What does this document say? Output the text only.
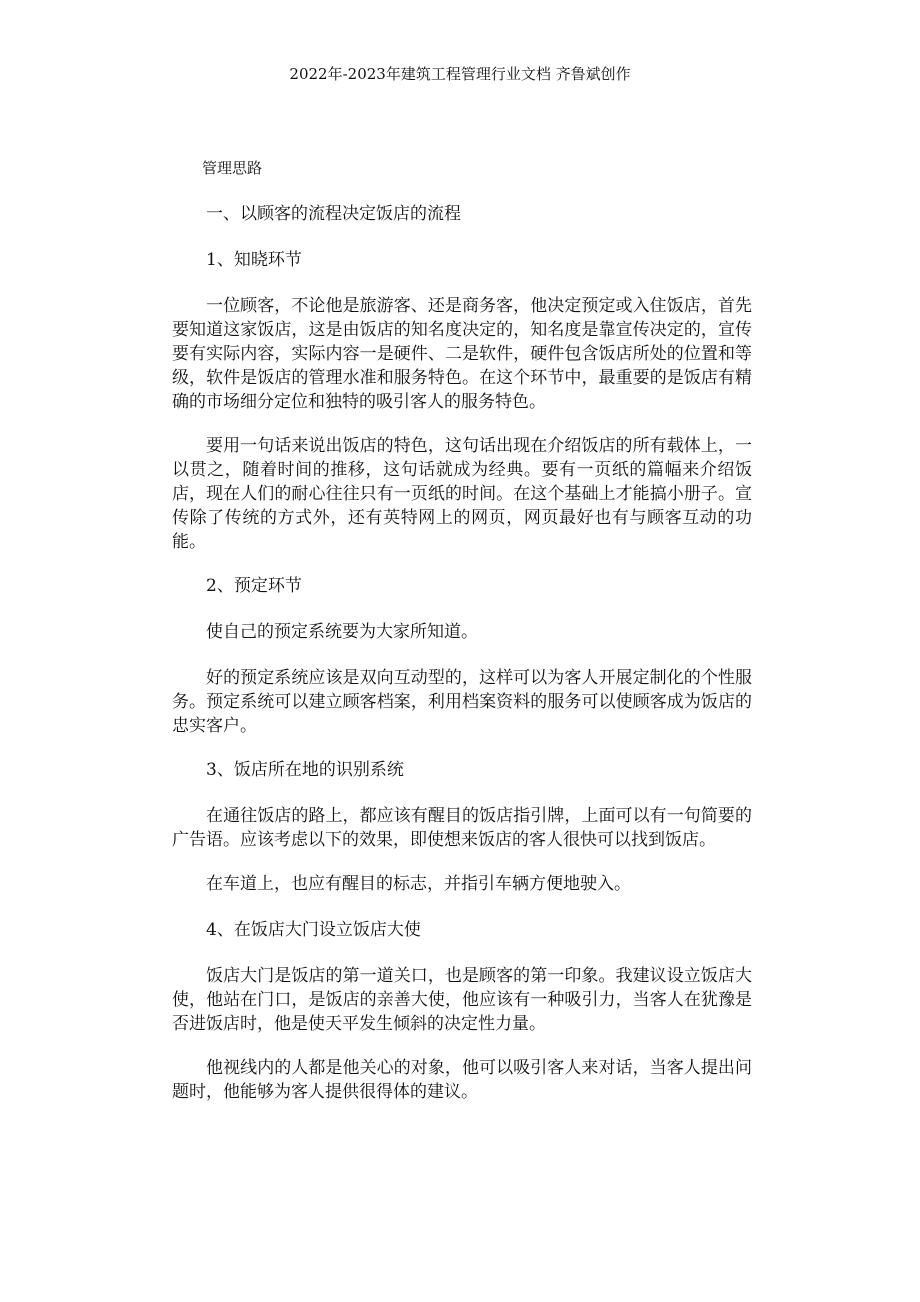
2022年-2023年建筑工程管理行业文档 齐鲁斌创作

管理思路

一、以顾客的流程决定饭店的流程

1、知晓环节

一位顾客，不论他是旅游客、还是商务客，他决定预定或入住饭店，首先要知道这家饭店，这是由饭店的知名度决定的，知名度是靠宣传决定的，宣传要有实际内容，实际内容一是硬件、二是软件，硬件包含饭店所处的位置和等级，软件是饭店的管理水准和服务特色。在这个环节中，最重要的是饭店有精确的市场细分定位和独特的吸引客人的服务特色。

要用一句话来说出饭店的特色，这句话出现在介绍饭店的所有载体上，一以贯之，随着时间的推移，这句话就成为经典。要有一页纸的篇幅来介绍饭店，现在人们的耐心往往只有一页纸的时间。在这个基础上才能搞小册子。宣传除了传统的方式外，还有英特网上的网页，网页最好也有与顾客互动的功能。

2、预定环节

使自己的预定系统要为大家所知道。

好的预定系统应该是双向互动型的，这样可以为客人开展定制化的个性服务。预定系统可以建立顾客档案，利用档案资料的服务可以使顾客成为饭店的忠实客户。

3、饭店所在地的识别系统

在通往饭店的路上，都应该有醒目的饭店指引牌，上面可以有一句简要的广告语。应该考虑以下的效果，即使想来饭店的客人很快可以找到饭店。

在车道上，也应有醒目的标志，并指引车辆方便地驶入。

4、在饭店大门设立饭店大使

饭店大门是饭店的第一道关口，也是顾客的第一印象。我建议设立饭店大使，他站在门口，是饭店的亲善大使，他应该有一种吸引力，当客人在犹豫是否进饭店时，他是使天平发生倾斜的决定性力量。

他视线内的人都是他关心的对象，他可以吸引客人来对话，当客人提出问题时，他能够为客人提供很得体的建议。
